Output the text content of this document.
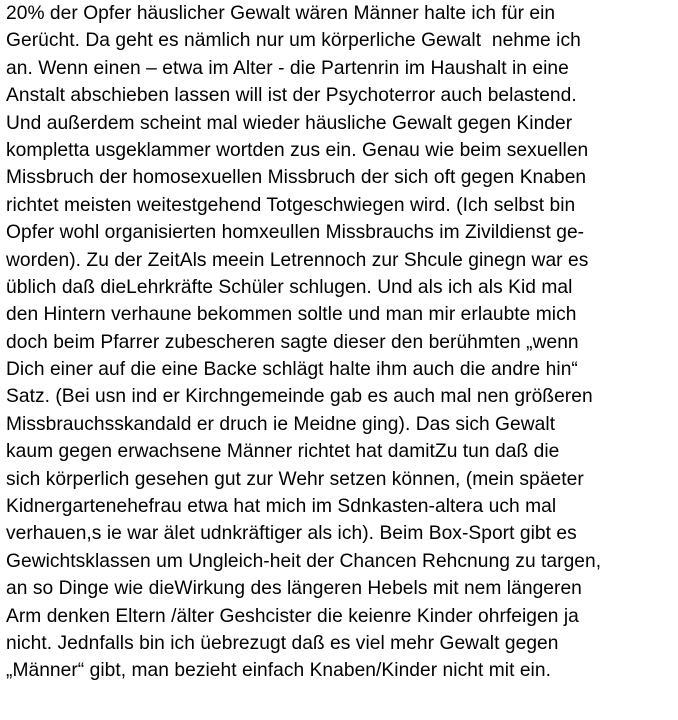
20% der Opfer häuslicher Gewalt wären Männer halte ich für ein
Gerücht. Da geht es nämlich nur um körperliche Gewalt  nehme ich
an. Wenn einen – etwa im Alter - die Partenrin im Haushalt in eine
Anstalt abschieben lassen will ist der Psychoterror auch belastend.
Und außerdem scheint mal wieder häusliche Gewalt gegen Kinder
kompletta usgeklammer wortden zus ein. Genau wie beim sexuellen
Missbruch der homosexuellen Missbruch der sich oft gegen Knaben
richtet meisten weitestgehend Totgeschwiegen wird. (Ich selbst bin
Opfer wohl organisierten homxeullen Missbrauchs im Zivildienst ge-
worden). Zu der ZeitAls meein Letrennoch zur Shcule ginegn war es
üblich daß dieLehrkräfte Schüler schlugen. Und als ich als Kid mal
den Hintern verhaune bekommen soltle und man mir erlaubte mich
doch beim Pfarrer zubescheren sagte dieser den berühmten „wenn
Dich einer auf die eine Backe schlägt halte ihm auch die andre hin“
Satz. (Bei usn ind er Kirchngemeinde gab es auch mal nen größeren
Missbrauchsskandald er druch ie Meidne ging). Das sich Gewalt
kaum gegen erwachsene Männer richtet hat damitZu tun daß die
sich körperlich gesehen gut zur Wehr setzen können, (mein späeter
Kidnergartenehefrau etwa hat mich im Sdnkasten-altera uch mal
verhauen,s ie war älet udnkräftiger als ich). Beim Box-Sport gibt es
Gewichtsklassen um Ungleich-heit der Chancen Rehcnung zu targen,
an so Dinge wie dieWirkung des längeren Hebels mit nem längeren
Arm denken Eltern /älter Geshcister die keienre Kinder ohrfeigen ja
nicht. Jednfalls bin ich üebrezugt daß es viel mehr Gewalt gegen
„Männer“ gibt, man bezieht einfach Knaben/Kinder nicht mit ein.
